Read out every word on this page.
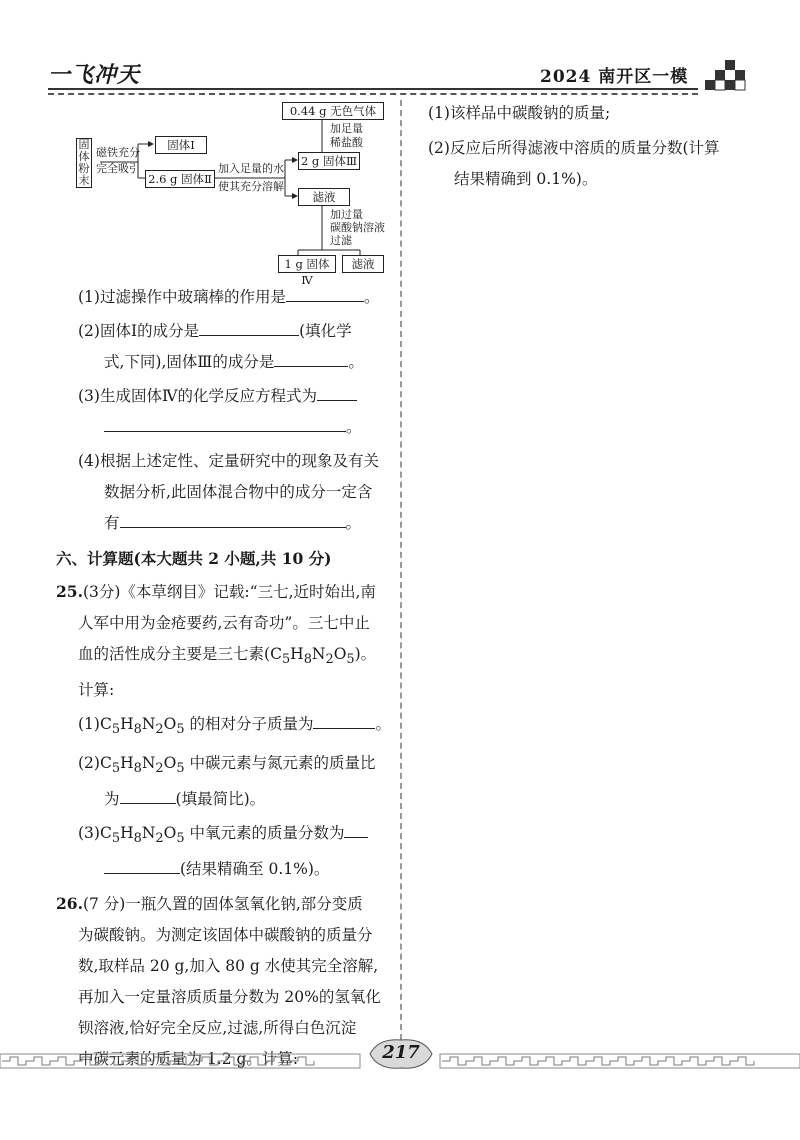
一飞冲天	2024 南开区一模
固体粉末
磁铁充分
完全吸引
固体Ⅰ
2.6 g 固体Ⅱ
加入足量的水
使其充分溶解
2 g 固体Ⅲ
加足量
稀盐酸
0.44 g 无色气体
滤液
加过量
碳酸钠溶液
过滤
1 g 固体Ⅳ
滤液
(1)过滤操作中玻璃棒的作用是	。
(2)固体Ⅰ的成分是	(填化学
式,下同),固体Ⅲ的成分是	。
(3)生成固体Ⅳ的化学反应方程式为
。
(4)根据上述定性、定量研究中的现象及有关
数据分析,此固体混合物中的成分一定含
有	。
六、计算题(本大题共 2 小题,共 10 分)
25.(3分)《本草纲目》记载:“三七,近时始出,南
人军中用为金疮要药,云有奇功”。三七中止
血的活性成分主要是三七素$(C_5H_8N_2O_5)$。
计算:
$(1)C_5H_8N_2O_5$ 的相对分子质量为	。
$(2)C_5H_8N_2O_5$ 中碳元素与氮元素的质量比
为	(填最简比)。
$(3)C_5H_8N_2O_5$ 中氧元素的质量分数为
(结果精确至 0.1%)。
26.(7 分)一瓶久置的固体氢氧化钠,部分变质
为碳酸钠。为测定该固体中碳酸钠的质量分
数,取样品 20 g,加入 80 g 水使其完全溶解,
再加入一定量溶质质量分数为 20%的氢氧化
钡溶液,恰好完全反应,过滤,所得白色沉淀
中碳元素的质量为 1.2 g。计算:
(1)该样品中碳酸钠的质量;
(2)反应后所得滤液中溶质的质量分数(计算
结果精确到 0.1%)。
217
